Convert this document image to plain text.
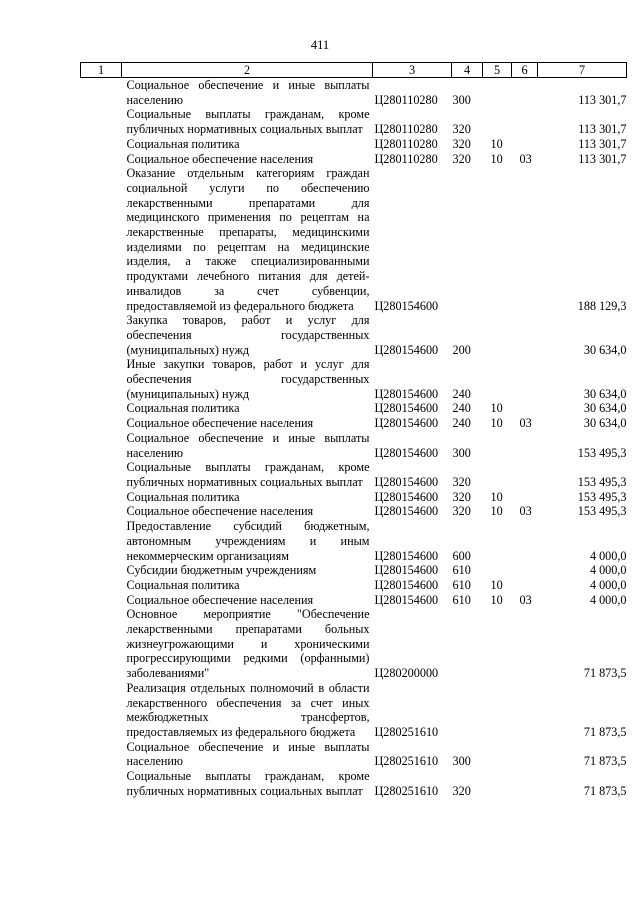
411
1	2	3	4	5	6	7
	Социальное обеспечение и иные выплаты населению	Ц280110280	300			113 301,7
	Социальные выплаты гражданам, кроме публичных нормативных социальных выплат	Ц280110280	320			113 301,7
	Социальная политика	Ц280110280	320	10		113 301,7
	Социальное обеспечение населения	Ц280110280	320	10	03	113 301,7
	Оказание отдельным категориям граждан социальной услуги по обеспечению лекарственными препаратами для медицинского применения по рецептам на лекарственные препараты, медицинскими изделиями по рецептам на медицинские изделия, а также специализированными продуктами лечебного питания для детей-инвалидов за счет субвенции, предоставляемой из федерального бюджета	Ц280154600				188 129,3
	Закупка товаров, работ и услуг для обеспечения государственных (муниципальных) нужд	Ц280154600	200			30 634,0
	Иные закупки товаров, работ и услуг для обеспечения государственных (муниципальных) нужд	Ц280154600	240			30 634,0
	Социальная политика	Ц280154600	240	10		30 634,0
	Социальное обеспечение населения	Ц280154600	240	10	03	30 634,0
	Социальное обеспечение и иные выплаты населению	Ц280154600	300			153 495,3
	Социальные выплаты гражданам, кроме публичных нормативных социальных выплат	Ц280154600	320			153 495,3
	Социальная политика	Ц280154600	320	10		153 495,3
	Социальное обеспечение населения	Ц280154600	320	10	03	153 495,3
	Предоставление субсидий бюджетным, автономным учреждениям и иным некоммерческим организациям	Ц280154600	600			4 000,0
	Субсидии бюджетным учреждениям	Ц280154600	610			4 000,0
	Социальная политика	Ц280154600	610	10		4 000,0
	Социальное обеспечение населения	Ц280154600	610	10	03	4 000,0
	Основное мероприятие "Обеспечение лекарственными препаратами больных жизнеугрожающими и хроническими прогрессирующими редкими (орфанными) заболеваниями"	Ц280200000				71 873,5
	Реализация отдельных полномочий в области лекарственного обеспечения за счет иных межбюджетных трансфертов, предоставляемых из федерального бюджета	Ц280251610				71 873,5
	Социальное обеспечение и иные выплаты населению	Ц280251610	300			71 873,5
	Социальные выплаты гражданам, кроме публичных нормативных социальных выплат	Ц280251610	320			71 873,5
